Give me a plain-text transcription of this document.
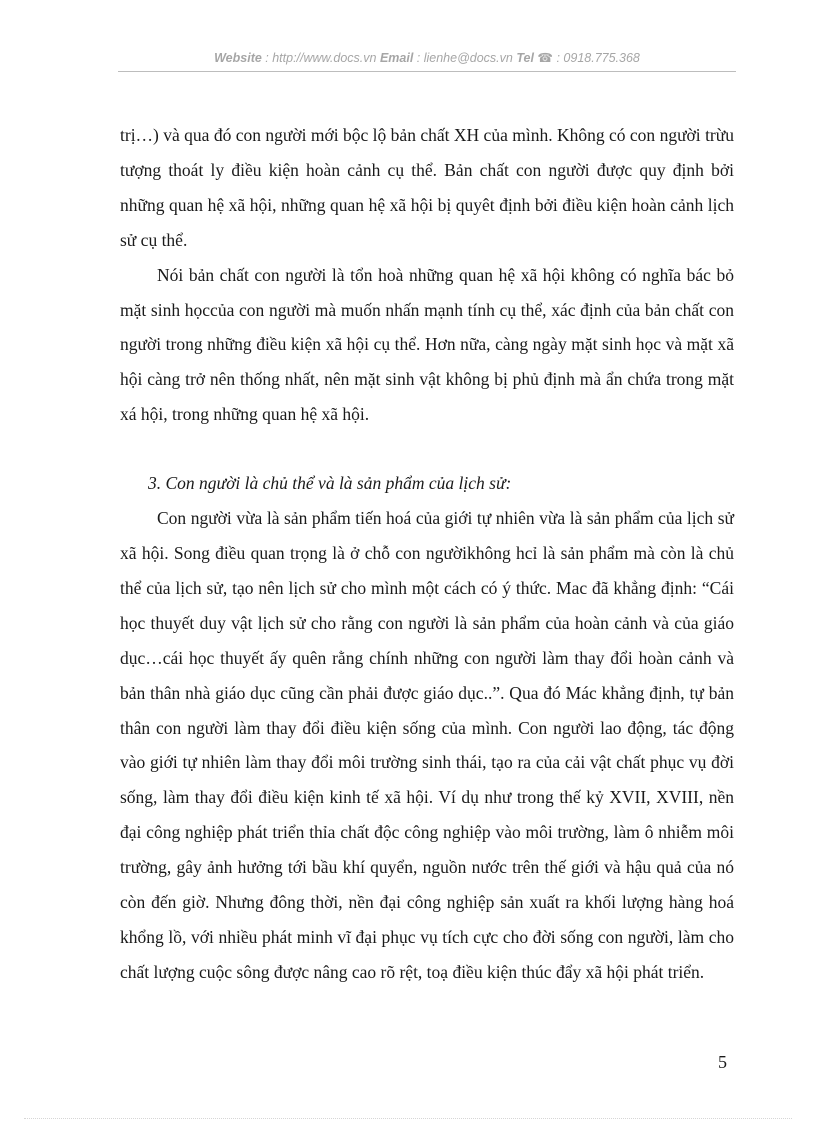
Website : http://www.docs.vn Email : lienhe@docs.vn Tel ☎ : 0918.775.368

trị…) và qua đó con người mới bộc lộ bản chất XH của mình. Không có con người trừu tượng thoát ly điều kiện hoàn cảnh cụ thể. Bản chất con người được quy định bởi những quan hệ xã hội, những quan hệ xã hội bị quyêt định bởi điều kiện hoàn cảnh lịch sử cụ thể.

Nói bản chất con người là tổn hoà những quan hệ xã hội không có nghĩa bác bỏ mặt sinh họccủa con người mà muốn nhấn mạnh tính cụ thể, xác định của bản chất con người trong những điều kiện xã hội cụ thể. Hơn nữa, càng ngày mặt sinh học và mặt xã hội càng trở nên thống nhất, nên mặt sinh vật không bị phủ định mà ẩn chứa trong mặt xá hội, trong những quan hệ xã hội.

3. Con người là chủ thể và là sản phẩm của lịch sử:

Con người vừa là sản phẩm tiến hoá của giới tự nhiên vừa là sản phẩm của lịch sử xã hội. Song điều quan trọng là ở chỗ con ngườikhông hcỉ là sản phẩm mà còn là chủ thể của lịch sử, tạo nên lịch sử cho mình một cách có ý thức. Mac đã khẳng định: “Cái học thuyết duy vật lịch sử cho rằng con người là sản phẩm của hoàn cảnh và của giáo dục…cái học thuyết ấy quên rằng chính những con người làm thay đổi hoàn cảnh và bản thân nhà giáo dục cũng cần phải được giáo dục..”. Qua đó Mác khẳng định, tự bản thân con người làm thay đổi điều kiện sống của mình. Con người lao động, tác động vào giới tự nhiên làm thay đổi môi trường sinh thái, tạo ra của cải vật chất phục vụ đời sống, làm thay đổi điều kiện kinh tế xã hội. Ví dụ như trong thế kỷ XVII, XVIII, nền đại công nghiệp phát triển thỉa chất độc công nghiệp vào môi trường, làm ô nhiễm môi trường, gây ảnh hưởng tới bầu khí quyển, nguồn nước trên thế giới và hậu quả của nó còn đến giờ. Nhưng đông thời, nền đại công nghiệp sản xuất ra khối lượng hàng hoá khổng lồ, với nhiều phát minh vĩ đại phục vụ tích cực cho đời sống con người, làm cho chất lượng cuộc sông được nâng cao rõ rệt, toạ điều kiện thúc đẩy xã hội phát triển.

5
